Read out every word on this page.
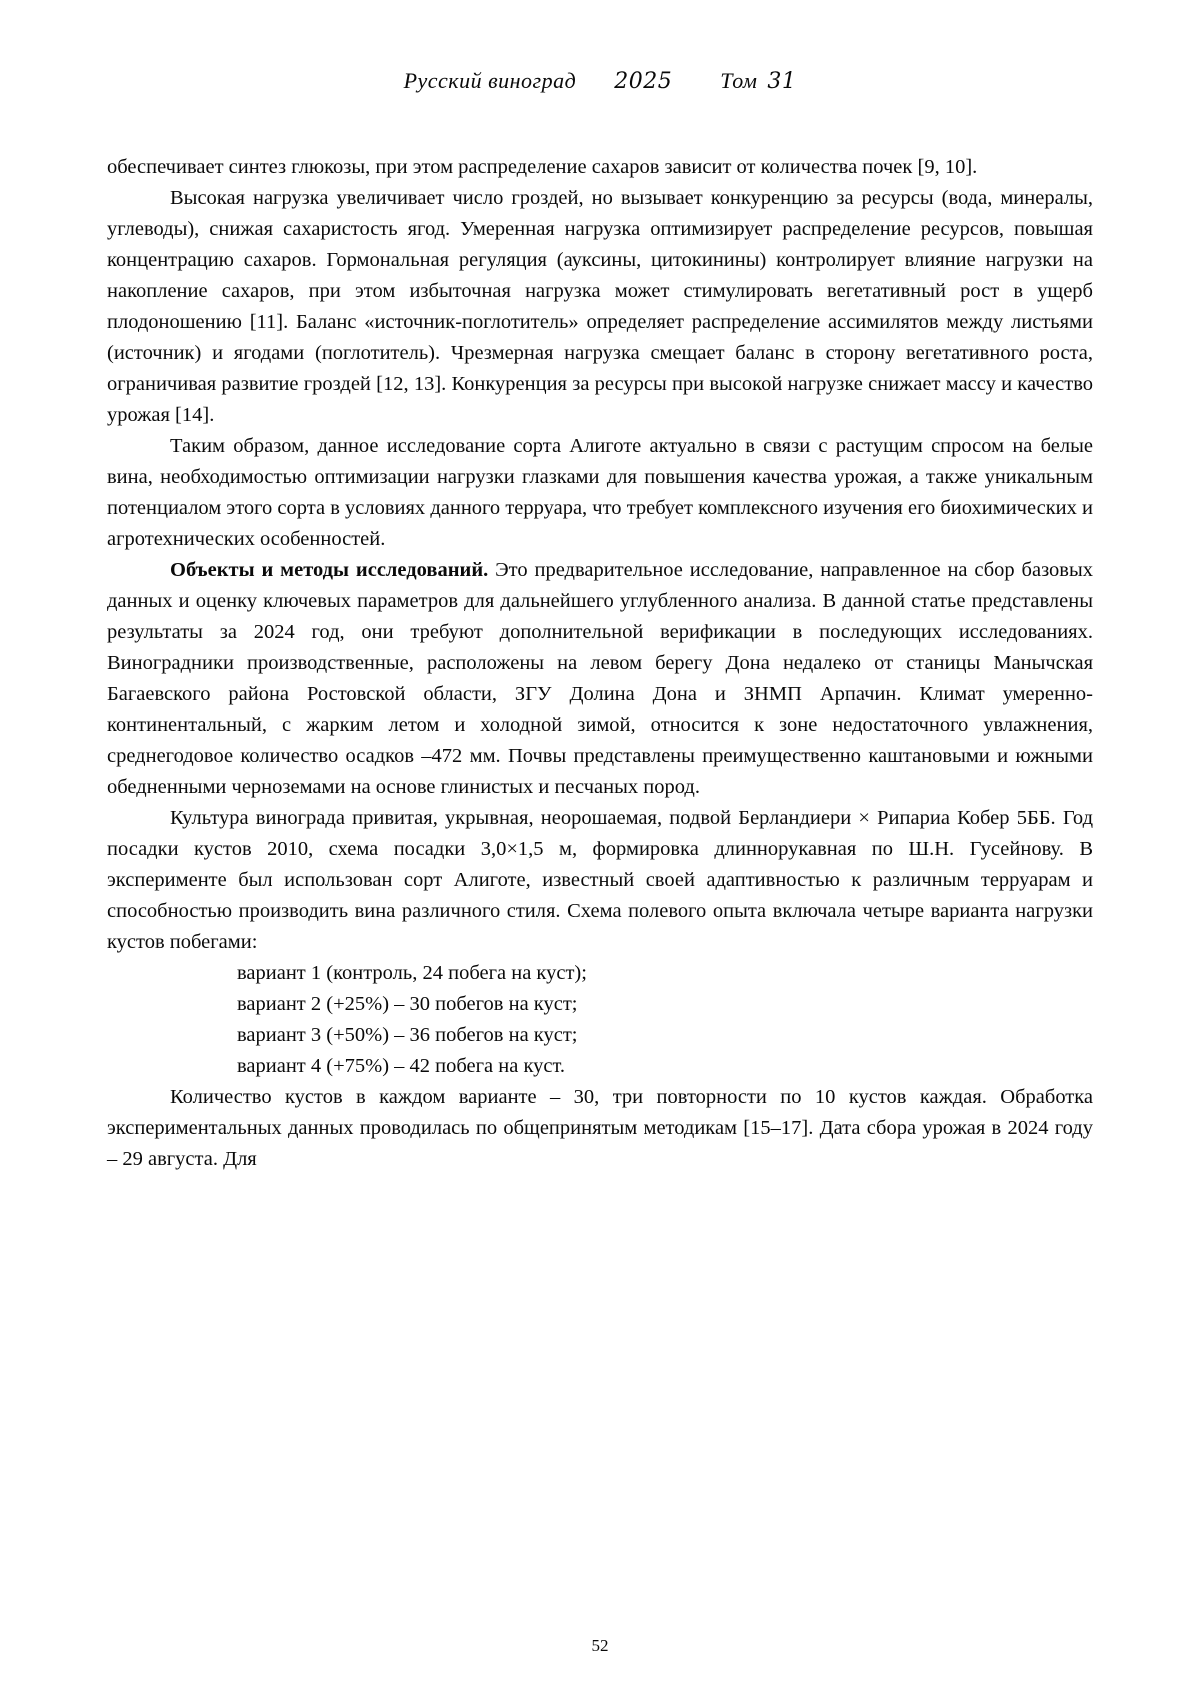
Русский виноград 2025 Том 31

обеспечивает синтез глюкозы, при этом распределение сахаров зависит от количества почек [9, 10].

Высокая нагрузка увеличивает число гроздей, но вызывает конкуренцию за ресурсы (вода, минералы, углеводы), снижая сахаристость ягод. Умеренная нагрузка оптимизирует распределение ресурсов, повышая концентрацию сахаров. Гормональная регуляция (ауксины, цитокинины) контролирует влияние нагрузки на накопление сахаров, при этом избыточная нагрузка может стимулировать вегетативный рост в ущерб плодоношению [11]. Баланс «источник-поглотитель» определяет распределение ассимилятов между листьями (источник) и ягодами (поглотитель). Чрезмерная нагрузка смещает баланс в сторону вегетативного роста, ограничивая развитие гроздей [12, 13]. Конкуренция за ресурсы при высокой нагрузке снижает массу и качество урожая [14].

Таким образом, данное исследование сорта Алиготе актуально в связи с растущим спросом на белые вина, необходимостью оптимизации нагрузки глазками для повышения качества урожая, а также уникальным потенциалом этого сорта в условиях данного терруара, что требует комплексного изучения его биохимических и агротехнических особенностей.

Объекты и методы исследований. Это предварительное исследование, направленное на сбор базовых данных и оценку ключевых параметров для дальнейшего углубленного анализа. В данной статье представлены результаты за 2024 год, они требуют дополнительной верификации в последующих исследованиях. Виноградники производственные, расположены на левом берегу Дона недалеко от станицы Манычская Багаевского района Ростовской области, ЗГУ Долина Дона и ЗНМП Арпачин. Климат умеренно-континентальный, с жарким летом и холодной зимой, относится к зоне недостаточного увлажнения, среднегодовое количество осадков –472 мм. Почвы представлены преимущественно каштановыми и южными обедненными черноземами на основе глинистых и песчаных пород.

Культура винограда привитая, укрывная, неорошаемая, подвой Берландиери × Рипариа Кобер 5ББ. Год посадки кустов 2010, схема посадки 3,0×1,5 м, формировка длиннорукавная по Ш.Н. Гусейнову. В эксперименте был использован сорт Алиготе, известный своей адаптивностью к различным терруарам и способностью производить вина различного стиля. Схема полевого опыта включала четыре варианта нагрузки кустов побегами:

вариант 1 (контроль, 24 побега на куст);
вариант 2 (+25%) – 30 побегов на куст;
вариант 3 (+50%) – 36 побегов на куст;
вариант 4 (+75%) – 42 побега на куст.

Количество кустов в каждом варианте – 30, три повторности по 10 кустов каждая. Обработка экспериментальных данных проводилась по общепринятым методикам [15–17]. Дата сбора урожая в 2024 году – 29 августа. Для

52
